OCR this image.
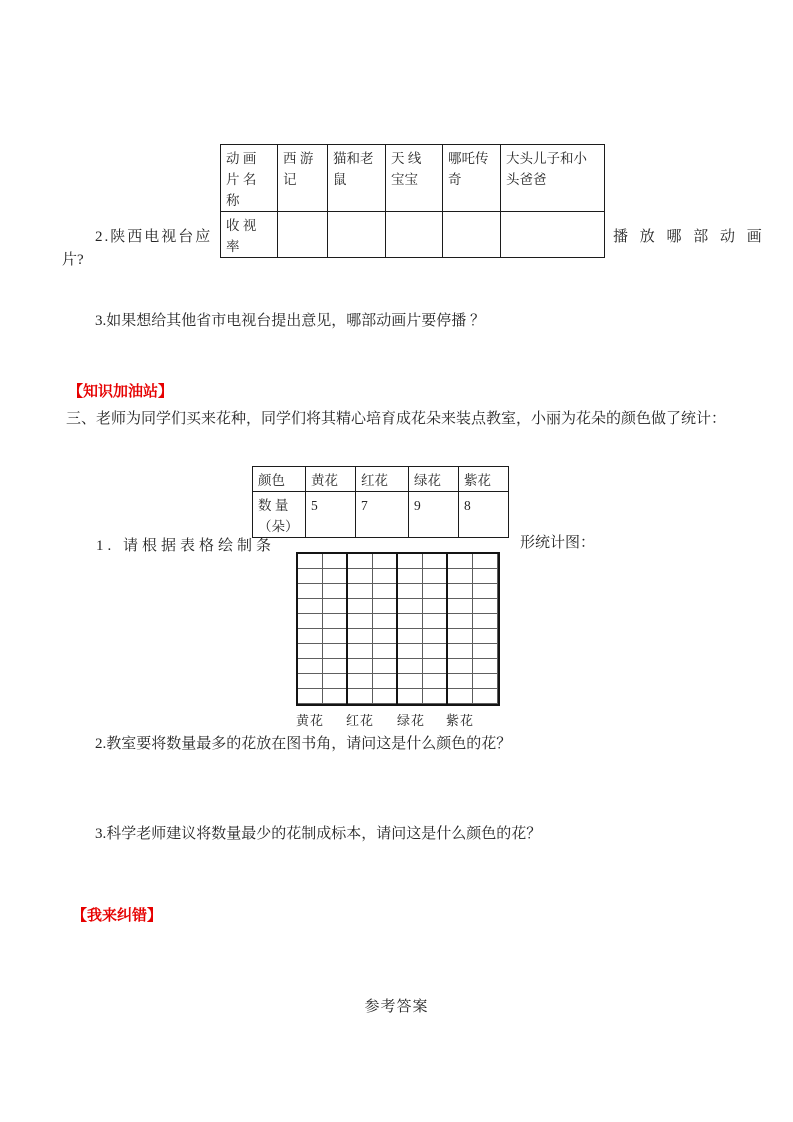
动 画 片 名 称	西 游 记	猫和老鼠	天 线 宝宝	哪吒传奇	大头儿子和小头爸爸
收 视 率					
2.陕西电视台应	播 放 哪 部 动 画
片?
3.如果想给其他省市电视台提出意见，哪部动画片要停播 ？
【知识加油站】
三、老师为同学们买来花种，同学们将其精心培育成花朵来装点教室，小丽为花朵的颜色做了统计：
颜色	黄花	红花	绿花	紫花
数 量（朵）	5	7	9	8
1. 请根据表格绘制条	形统计图：
黄花	红花	绿花	紫花
2.教室要将数量最多的花放在图书角，请问这是什么颜色的花？
3.科学老师建议将数量最少的花制成标本，请问这是什么颜色的花？
【我来纠错】
参考答案
